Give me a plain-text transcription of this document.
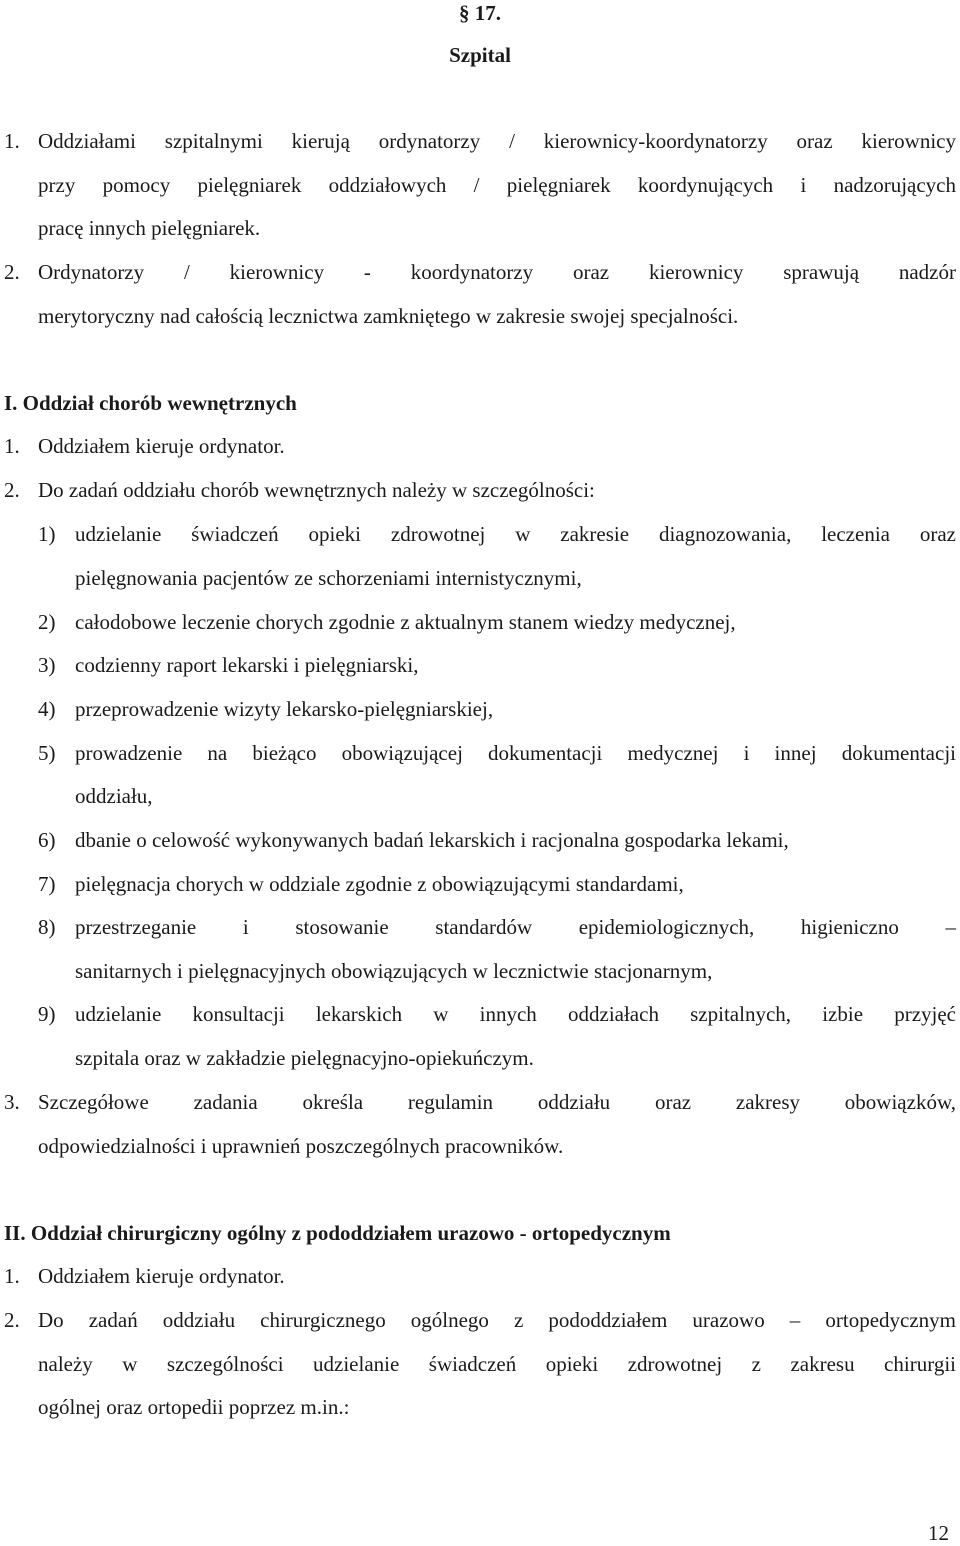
§ 17.
Szpital
1. Oddziałami szpitalnymi kierują ordynatorzy / kierownicy-koordynatorzy oraz kierownicy
przy pomocy pielęgniarek oddziałowych / pielęgniarek koordynujących i nadzorujących
pracę innych pielęgniarek.
2. Ordynatorzy / kierownicy - koordynatorzy oraz kierownicy sprawują nadzór
merytoryczny nad całością lecznictwa zamkniętego w zakresie swojej specjalności.
I. Oddział chorób wewnętrznych
1. Oddziałem kieruje ordynator.
2. Do zadań oddziału chorób wewnętrznych należy w szczególności:
1) udzielanie świadczeń opieki zdrowotnej w zakresie diagnozowania, leczenia oraz
pielęgnowania pacjentów ze schorzeniami internistycznymi,
2) całodobowe leczenie chorych zgodnie z aktualnym stanem wiedzy medycznej,
3) codzienny raport lekarski i pielęgniarski,
4) przeprowadzenie wizyty lekarsko-pielęgniarskiej,
5) prowadzenie na bieżąco obowiązującej dokumentacji medycznej i innej dokumentacji
oddziału,
6) dbanie o celowość wykonywanych badań lekarskich i racjonalna gospodarka lekami,
7) pielęgnacja chorych w oddziale zgodnie z obowiązującymi standardami,
8) przestrzeganie i stosowanie standardów epidemiologicznych, higieniczno –
sanitarnych i pielęgnacyjnych obowiązujących w lecznictwie stacjonarnym,
9) udzielanie konsultacji lekarskich w innych oddziałach szpitalnych, izbie przyjęć
szpitala oraz w zakładzie pielęgnacyjno-opiekuńczym.
3. Szczegółowe zadania określa regulamin oddziału oraz zakresy obowiązków,
odpowiedzialności i uprawnień poszczególnych pracowników.
II. Oddział chirurgiczny ogólny z pododdziałem urazowo - ortopedycznym
1. Oddziałem kieruje ordynator.
2. Do zadań oddziału chirurgicznego ogólnego z pododdziałem urazowo – ortopedycznym
należy w szczególności udzielanie świadczeń opieki zdrowotnej z zakresu chirurgii
ogólnej oraz ortopedii poprzez m.in.:
12
